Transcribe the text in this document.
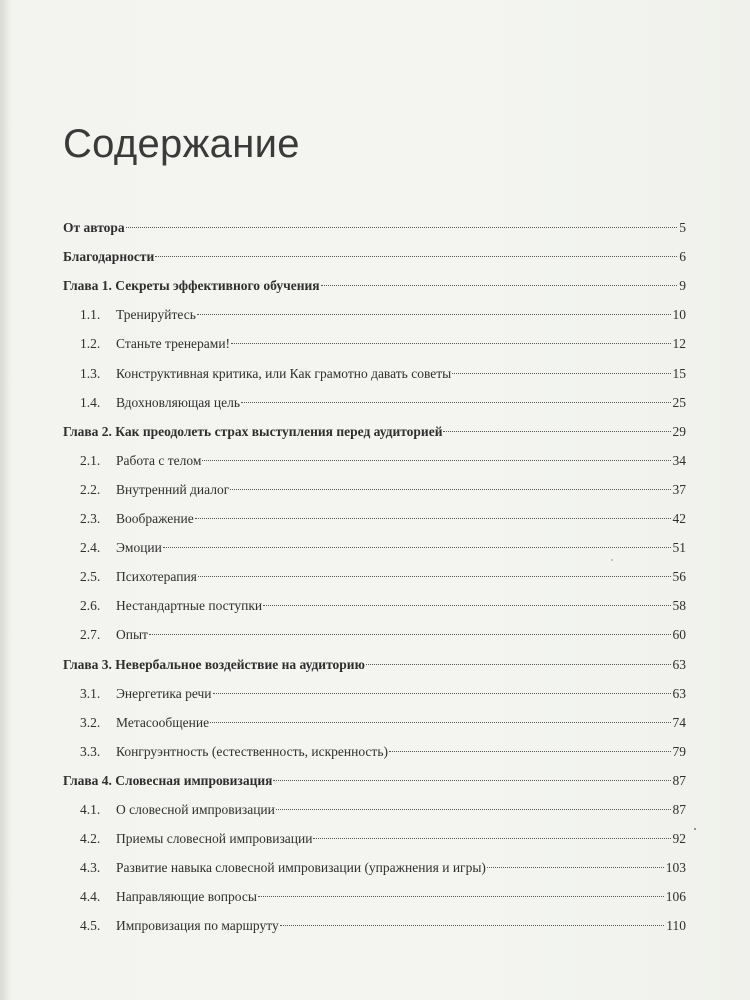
Содержание
От автора	5
Благодарности	6
Глава 1. Секреты эффективного обучения	9
1.1.	Тренируйтесь	10
1.2.	Станьте тренерами!	12
1.3.	Конструктивная критика, или Как грамотно давать советы	15
1.4.	Вдохновляющая цель	25
Глава 2. Как преодолеть страх выступления перед аудиторией	29
2.1.	Работа с телом	34
2.2.	Внутренний диалог	37
2.3.	Воображение	42
2.4.	Эмоции	51
2.5.	Психотерапия	56
2.6.	Нестандартные поступки	58
2.7.	Опыт	60
Глава 3. Невербальное воздействие на аудиторию	63
3.1.	Энергетика речи	63
3.2.	Метасообщение	74
3.3.	Конгруэнтность (естественность, искренность)	79
Глава 4. Словесная импровизация	87
4.1.	О словесной импровизации	87
4.2.	Приемы словесной импровизации	92
4.3.	Развитие навыка словесной импровизации (упражнения и игры)	103
4.4.	Направляющие вопросы	106
4.5.	Импровизация по маршруту	110
